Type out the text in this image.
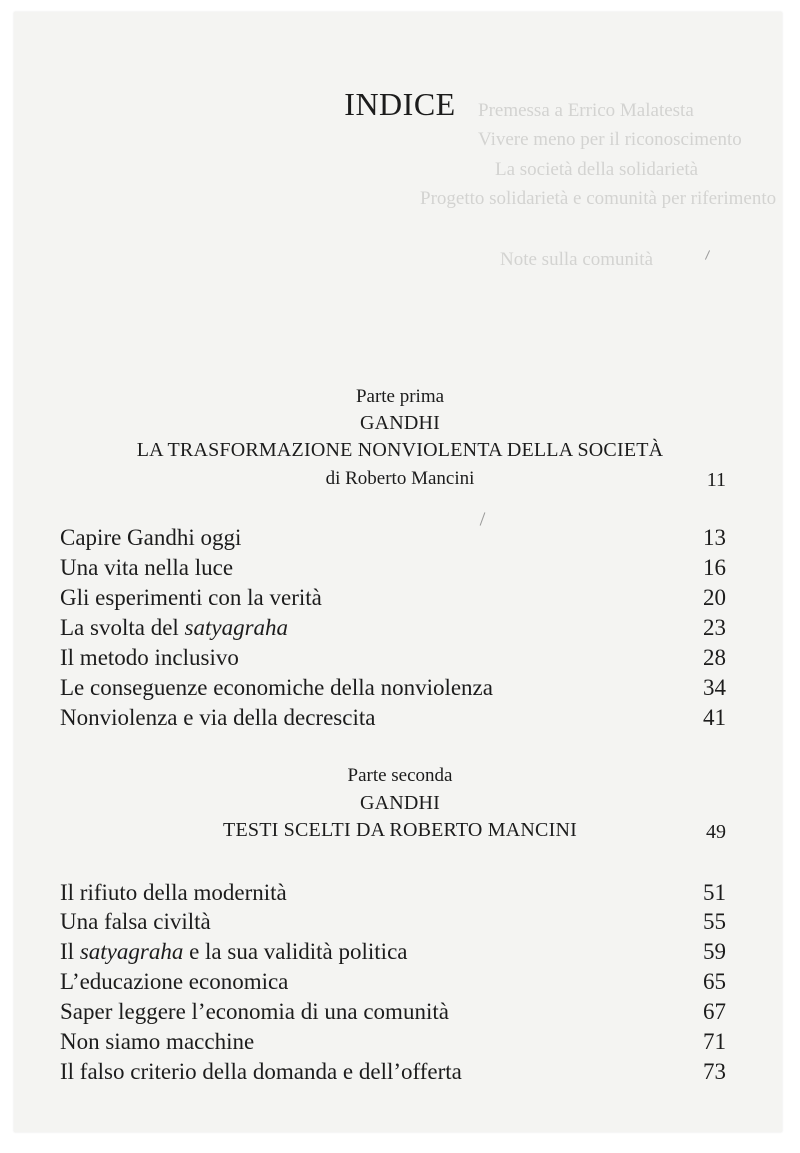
Premessa a Errico Malatesta
Vivere meno per il riconoscimento
La società della solidarietà
Progetto solidarietà e comunità per riferimento
Note sulla comunità
INDICE
Parte prima
GANDHI
LA TRASFORMAZIONE NONVIOLENTA DELLA SOCIETÀ
di Roberto Mancini	11
Capire Gandhi oggi	13
Una vita nella luce	16
Gli esperimenti con la verità	20
La svolta del satyagraha	23
Il metodo inclusivo	28
Le conseguenze economiche della nonviolenza	34
Nonviolenza e via della decrescita	41
Parte seconda
GANDHI
TESTI SCELTI DA ROBERTO MANCINI	49
Il rifiuto della modernità	51
Una falsa civiltà	55
Il satyagraha e la sua validità politica	59
L’educazione economica	65
Saper leggere l’economia di una comunità	67
Non siamo macchine	71
Il falso criterio della domanda e dell’offerta	73
